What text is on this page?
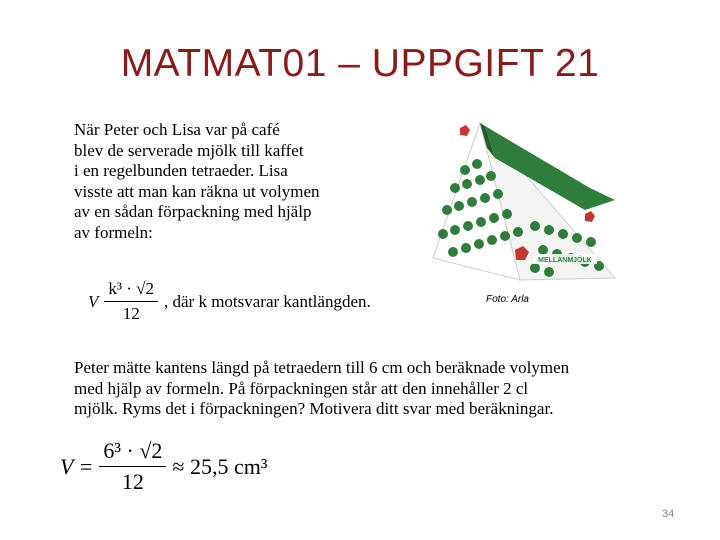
MATMAT01 – UPPGIFT 21
När Peter och Lisa var på café
blev de serverade mjölk till kaffet
i en regelbunden tetraeder. Lisa
visste att man kan räkna ut volymen
av en sådan förpackning med hjälp
av formeln:
V $\frac{\text{k³ · √2}}{12}$ , där k motsvarar kantlängden.
Peter mätte kantens längd på tetraedern till 6 cm och beräknade volymen
med hjälp av formeln. På förpackningen står att den innehåller 2 cl
mjölk. Ryms det i förpackningen? Motivera ditt svar med beräkningar.
$V = \frac{\text{6³ · √2}}{12} \approx 25,5$ cm³
MELLANMJÖLK
Foto: Arla
34
